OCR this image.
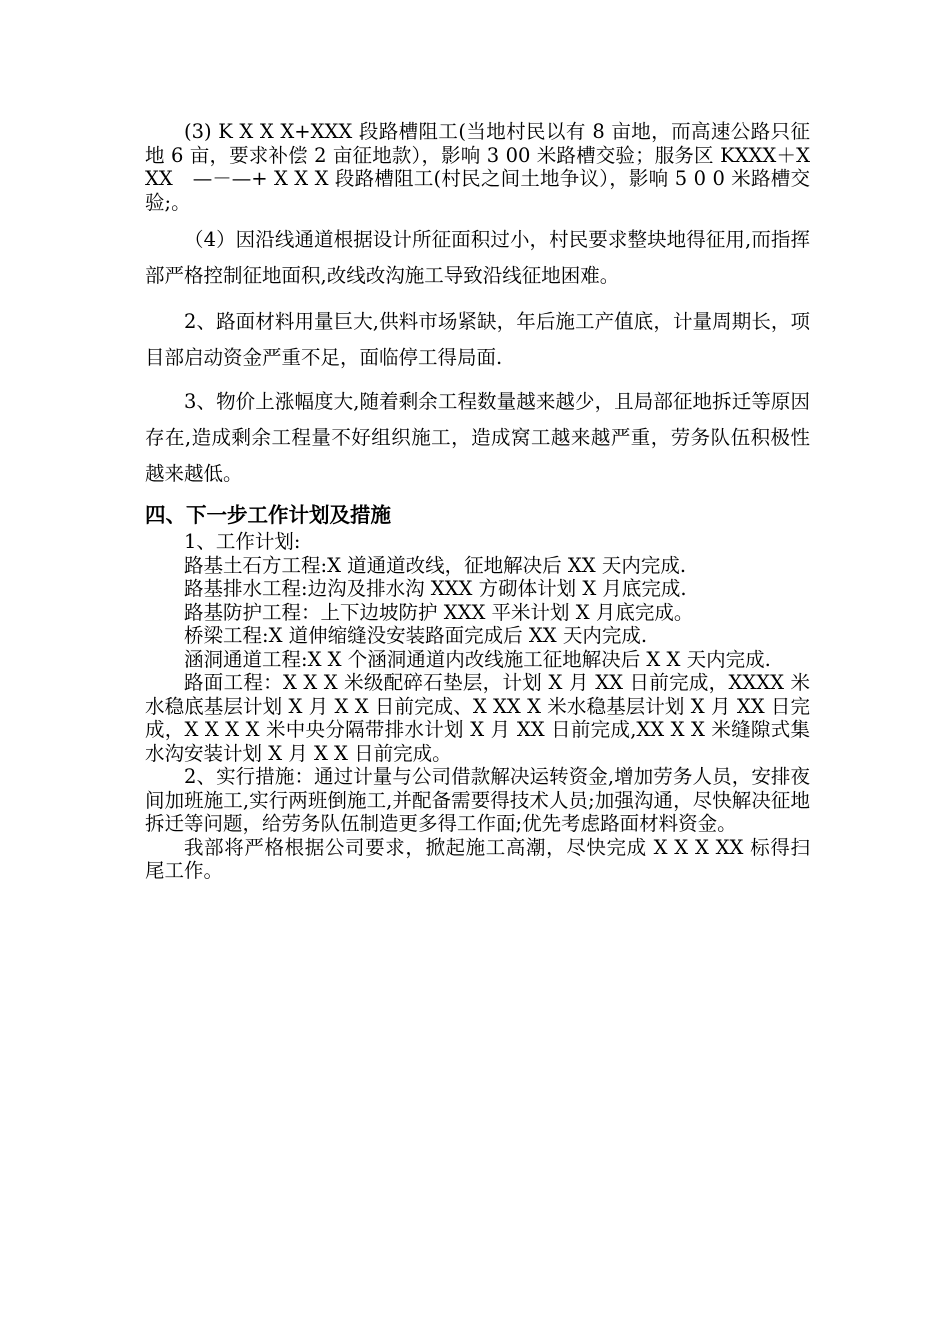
(3) K X X X+XXX 段路槽阻工(当地村民以有 8 亩地，而高速公路只征地 6 亩，要求补偿 2 亩征地款），影响 3 00 米路槽交验；服务区 KXXX＋XXX　—－—+ X X X 段路槽阻工(村民之间土地争议），影响 5 0 0 米路槽交验;。

（4）因沿线通道根据设计所征面积过小，村民要求整块地得征用,而指挥部严格控制征地面积,改线改沟施工导致沿线征地困难。

2、路面材料用量巨大,供料市场紧缺，年后施工产值底，计量周期长，项目部启动资金严重不足，面临停工得局面.

3、物价上涨幅度大,随着剩余工程数量越来越少，且局部征地拆迁等原因存在,造成剩余工程量不好组织施工，造成窝工越来越严重，劳务队伍积极性越来越低。

四、下一步工作计划及措施

1、工作计划:

路基土石方工程:X 道通道改线，征地解决后 XX 天内完成.

路基排水工程:边沟及排水沟 XXX 方砌体计划 X 月底完成.

路基防护工程：上下边坡防护 XXX 平米计划 X 月底完成。

桥梁工程:X 道伸缩缝没安装路面完成后 XX 天内完成.

涵洞通道工程:X X 个涵洞通道内改线施工征地解决后 X X 天内完成.

路面工程：X X X 米级配碎石垫层，计划 X 月 XX 日前完成，XXXX 米水稳底基层计划 X 月 X X 日前完成、X XX X 米水稳基层计划 X 月 XX 日完成，X X X X 米中央分隔带排水计划 X 月 XX 日前完成,XX X X 米缝隙式集水沟安装计划 X 月 X X 日前完成。

2、实行措施：通过计量与公司借款解决运转资金,增加劳务人员，安排夜间加班施工,实行两班倒施工,并配备需要得技术人员;加强沟通，尽快解决征地拆迁等问题，给劳务队伍制造更多得工作面;优先考虑路面材料资金。

我部将严格根据公司要求，掀起施工高潮，尽快完成 X X X XX 标得扫尾工作。
